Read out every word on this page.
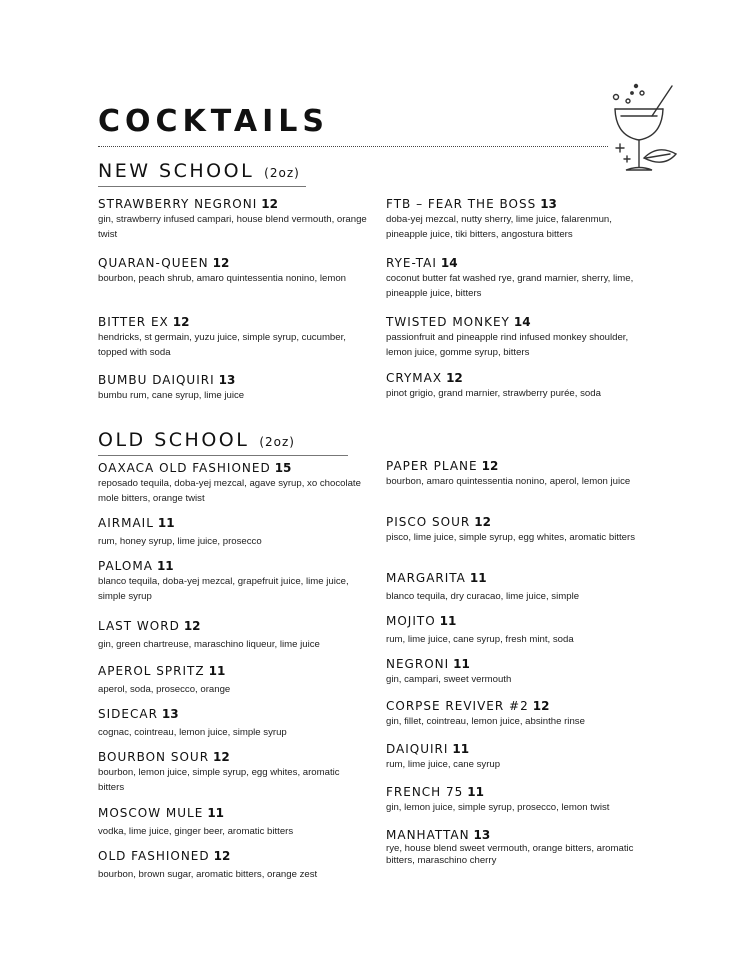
COCKTAILS
NEW SCHOOL (2oz)
STRAWBERRY NEGRONI 12
gin, strawberry infused campari, house blend vermouth, orange twist
QUARAN-QUEEN 12
bourbon, peach shrub, amaro quintessentia nonino, lemon
BITTER EX 12
hendricks, st germain, yuzu juice, simple syrup, cucumber, topped with soda
BUMBU DAIQUIRI 13
bumbu rum, cane syrup, lime juice
FTB – FEAR THE BOSS 13
doba-yej mezcal, nutty sherry, lime juice, falarenmun, pineapple juice, tiki bitters, angostura bitters
RYE-TAI 14
coconut butter fat washed rye, grand marnier, sherry, lime, pineapple juice, bitters
TWISTED MONKEY 14
passionfruit and pineapple rind infused monkey shoulder, lemon juice, gomme syrup, bitters
CRYMAX 12
pinot grigio, grand marnier, strawberry purée, soda
OLD SCHOOL (2oz)
OAXACA OLD FASHIONED 15
reposado tequila, doba-yej mezcal, agave syrup, xo chocolate mole bitters, orange twist
AIRMAIL 11
rum, honey syrup, lime juice, prosecco
PALOMA 11
blanco tequila, doba-yej mezcal, grapefruit juice, lime juice, simple syrup
LAST WORD 12
gin, green chartreuse, maraschino liqueur, lime juice
APEROL SPRITZ 11
aperol, soda, prosecco, orange
SIDECAR 13
cognac, cointreau, lemon juice, simple syrup
BOURBON SOUR 12
bourbon, lemon juice, simple syrup, egg whites, aromatic bitters
MOSCOW MULE 11
vodka, lime juice, ginger beer, aromatic bitters
OLD FASHIONED 12
bourbon, brown sugar, aromatic bitters, orange zest
PAPER PLANE 12
bourbon, amaro quintessentia nonino, aperol, lemon juice
PISCO SOUR 12
pisco, lime juice, simple syrup, egg whites, aromatic bitters
MARGARITA 11
blanco tequila, dry curacao, lime juice, simple
MOJITO 11
rum, lime juice, cane syrup, fresh mint, soda
NEGRONI 11
gin, campari, sweet vermouth
CORPSE REVIVER #2 12
gin, fillet, cointreau, lemon juice, absinthe rinse
DAIQUIRI 11
rum, lime juice, cane syrup
FRENCH 75 11
gin, lemon juice, simple syrup, prosecco, lemon twist
MANHATTAN 13
rye, house blend sweet vermouth, orange bitters, aromatic bitters, maraschino cherry
